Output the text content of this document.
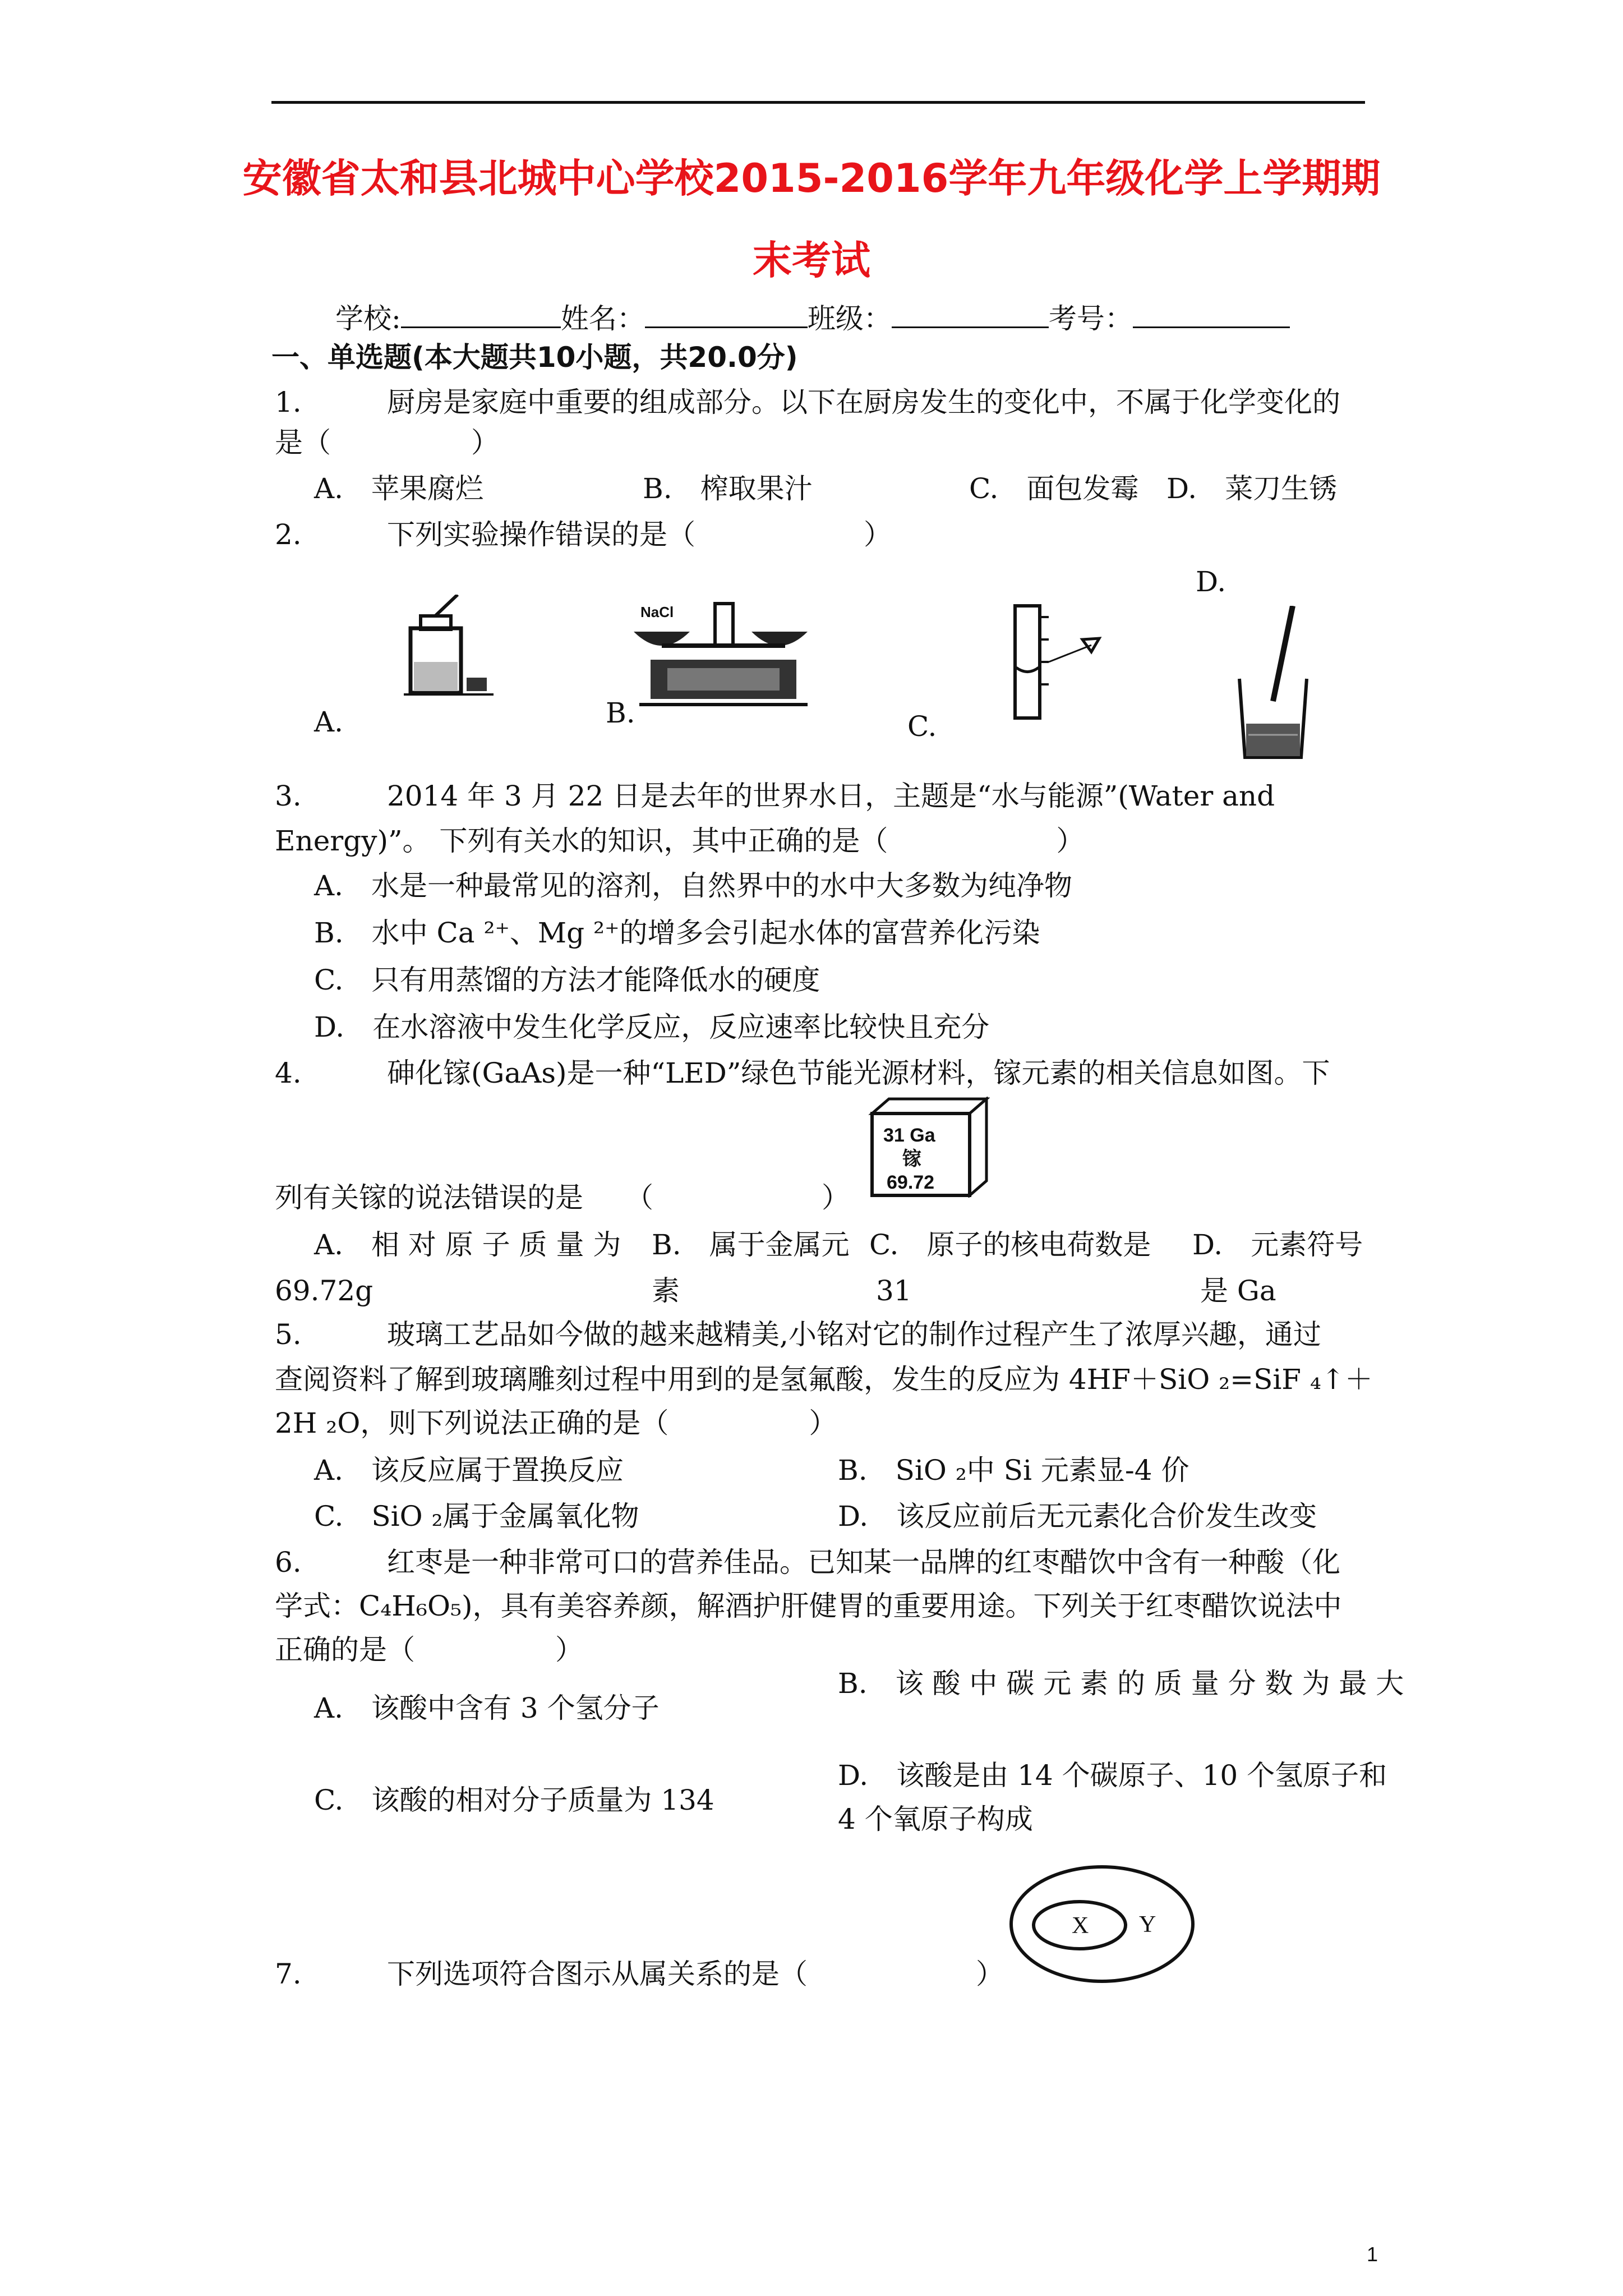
安徽省太和县北城中心学校2015-2016学年九年级化学上学期期
末考试
学校:	姓名：	班级：	考号：
一、单选题(本大题共10小题，共20.0分)
1.	厨房是家庭中重要的组成部分。以下在厨房发生的变化中，不属于化学变化的
是（　　　　　）
A.　苹果腐烂	B.　榨取果汁	C.　面包发霉 D.　菜刀生锈
2.	下列实验操作错误的是（　　　　　　）
D.
A.	B.	C.
NaCl
3.	2014 年 3 月 22 日是去年的世界水日，主题是“水与能源”(Water and
Energy)”。 下列有关水的知识，其中正确的是（　　　　　　）
A.　水是一种最常见的溶剂，自然界中的水中大多数为纯净物
B.　水中 Ca ²⁺、Mg ²⁺的增多会引起水体的富营养化污染
C.　只有用蒸馏的方法才能降低水的硬度
D.　在水溶液中发生化学反应，反应速率比较快且充分
4.	砷化镓(GaAs)是一种“LED”绿色节能光源材料，镓元素的相关信息如图。下
31 Ga
镓
69.72
列有关镓的说法错误的是　　（　　　　　　）
A.　相 对 原 子 质 量 为
69.72g
B.　属于金属元
素
C.　原子的核电荷数是
31
D.　元素符号
是 Ga
5.	玻璃工艺品如今做的越来越精美,小铭对它的制作过程产生了浓厚兴趣，通过
查阅资料了解到玻璃雕刻过程中用到的是氢氟酸，发生的反应为 4HF＋SiO ₂=SiF ₄↑＋
2H ₂O，则下列说法正确的是（　　　　　）
A.　该反应属于置换反应	B.　SiO ₂中 Si 元素显-4 价
C.　SiO ₂属于金属氧化物	D.　该反应前后无元素化合价发生改变
6.	红枣是一种非常可口的营养佳品。已知某一品牌的红枣醋饮中含有一种酸（化
学式：C₄H₆O₅)，具有美容养颜，解酒护肝健胃的重要用途。下列关于红枣醋饮说法中
正确的是（　　　　　）
A.　该酸中含有 3 个氢分子
B.　该 酸 中 碳 元 素 的 质 量 分 数 为 最 大
C.　该酸的相对分子质量为 134
D.　该酸是由 14 个碳原子、10 个氢原子和
4 个氧原子构成
X Y
7.	下列选项符合图示从属关系的是（　　　　　　）
1
